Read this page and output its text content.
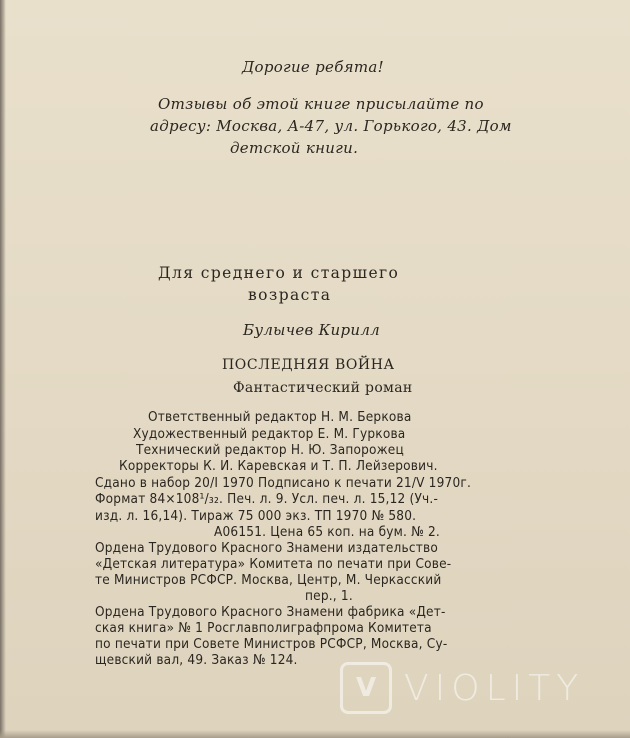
Дорогие ребята!
Отзывы об этой книге присылайте по
адресу: Москва, А-47, ул. Горького, 43. Дом
детской книги.
Для среднего и старшего
возраста
Булычев Кирилл
ПОСЛЕДНЯЯ ВОЙНА
Фантастический роман
Ответственный редактор Н. М. Беркова
Художественный редактор Е. М. Гуркова
Технический редактор Н. Ю. Запорожец
Корректоры К. И. Каревская и Т. П. Лейзерович.
Сдано в набор 20/I 1970 Подписано к печати 21/V 1970г.
Формат 84×108¹/₃₂. Печ. л. 9. Усл. печ. л. 15,12 (Уч.-
изд. л. 16,14). Тираж 75 000 экз. ТП 1970 № 580.
А06151. Цена 65 коп. на бум. № 2.
Ордена Трудового Красного Знамени издательство
«Детская литература» Комитета по печати при Сове-
те Министров РСФСР. Москва, Центр, М. Черкасский
пер., 1.
Ордена Трудового Красного Знамени фабрика «Дет-
ская книга» № 1 Росглавполиграфпрома Комитета
по печати при Совете Министров РСФСР, Москва, Су-
щевский вал, 49. Заказ № 124.
V VIOLITY
